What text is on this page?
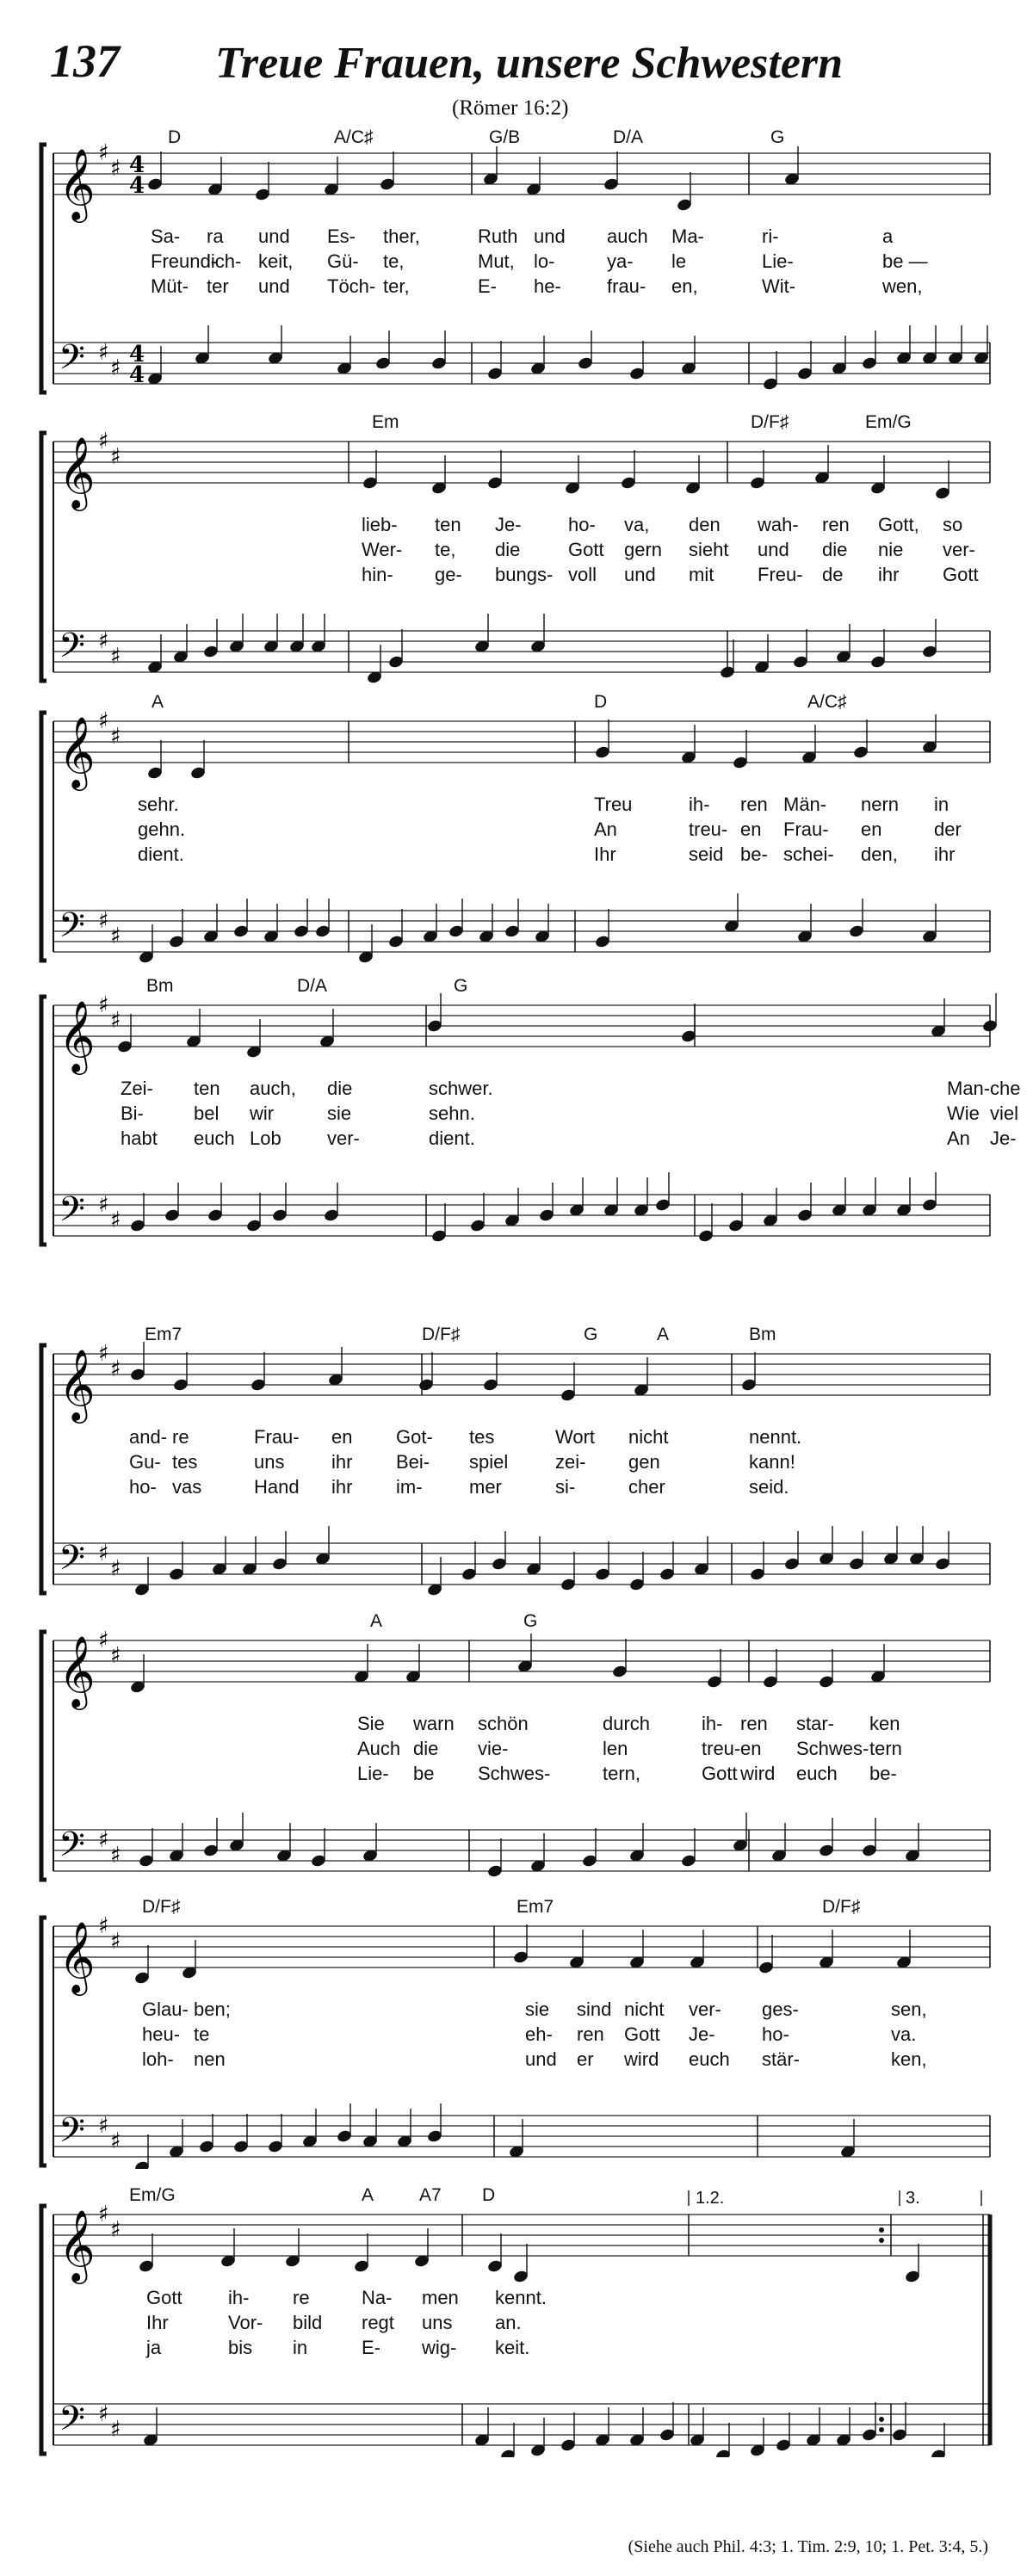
137 Treue Frauen, unsere Schwestern
(Römer 16:2)
𝄞
𝄢
♯
♯
♯
♯
4
4
4
4
D	A/C♯	G/B	D/A	G
Sa- ra und Es- ther,	Ruth und auch Ma-	ri-	a
Freund-
lich- keit, Gü- te,	Mut, lo-	ya- le	Lie-	be —
Müt- ter und Töch- ter,	E- he- frau- en,	Wit-	wen,
𝄞
𝄢
♯
♯
♯
♯
Em	D/F♯	Em/G
lieb- ten Je- ho- va, den wah- ren Gott, so
Wer- te, die	Gott gern sieht und die nie ver-
hin- ge- bungs- voll und mit Freu- de ihr Gott
𝄞
𝄢
♯
♯
♯
♯
A	D	A/C♯
sehr.	Treu	ih- ren Män- nern in
gehn.	An	treu- en Frau- en	der
dient.	Ihr	seid be- schei- den, ihr
𝄞
𝄢
♯
♯
♯
♯
Bm	D/A	G
Zei- ten auch, die	schwer.	Man- che
Bi-	bel wir	sie	sehn.	Wie viel
habt euch Lob ver-	dient.	An Je-
𝄞
𝄢
♯
♯
♯
♯
Em7	D/F♯	G	A	Bm
and- re	Frau- en Got- tes	Wort nicht	nennt.
Gu- tes	uns ihr Bei- spiel zei- gen	kann!
ho- vas	Hand ihr im- mer	si-	cher	seid.
𝄞
𝄢
♯
♯
♯
♯
A	G
Sie warn schön	durch	ih- ren star- ken
Auch die vie-	len	treu- en Schwes- tern
Lie- be Schwes-	tern,	Gott wird euch be-
𝄞
𝄢
♯
♯
♯
♯
D/F♯	Em7	D/F♯
Glau- ben;	sie sind nicht ver- ges-	sen,
heu- te	eh- ren Gott Je- ho-	va.
loh- nen	und er wird euch stär-	ken,
𝄞
𝄢
♯
♯
♯
♯
Em/G	A	A7 D
Gott ih- re	Na- men kennt.
Ihr	Vor- bild regt uns an.
ja	bis in	E- wig- keit.
1.2.	3.
(Siehe auch Phil. 4:3; 1. Tim. 2:9, 10; 1. Pet. 3:4, 5.)
